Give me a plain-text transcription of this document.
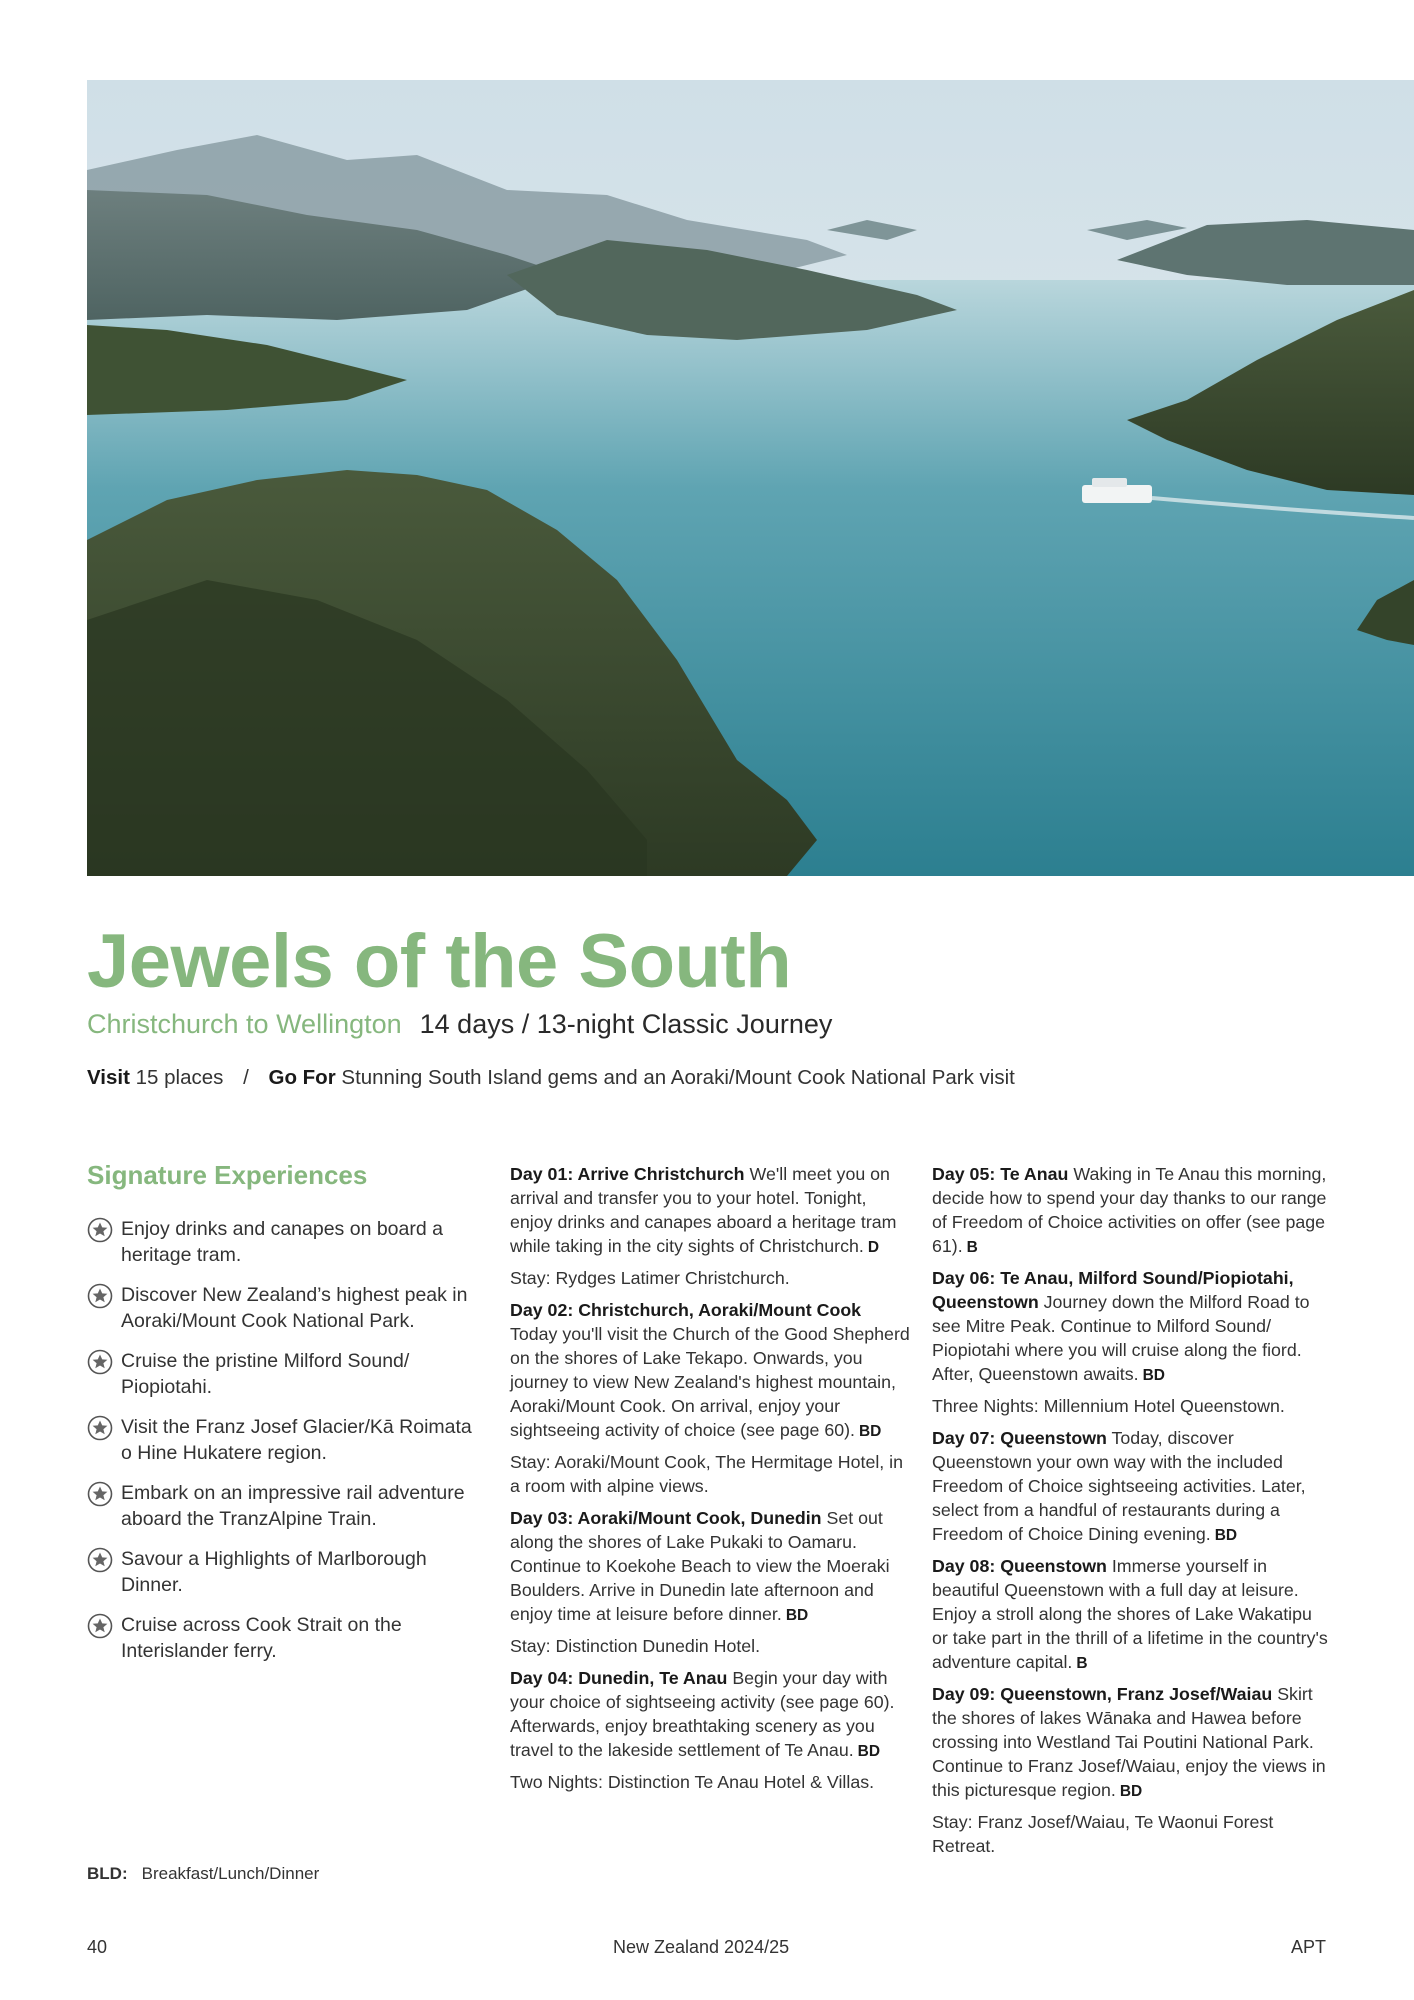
Jewels of the South
Christchurch to Wellington 14 days / 13-night Classic Journey
Visit 15 places / Go For Stunning South Island gems and an Aoraki/Mount Cook National Park visit
Signature Experiences
Enjoy drinks and canapes on board a heritage tram.
Discover New Zealand’s highest peak in Aoraki/Mount Cook National Park.
Cruise the pristine Milford Sound/ Piopiotahi.
Visit the Franz Josef Glacier/Kā Roimata o Hine Hukatere region.
Embark on an impressive rail adventure aboard the TranzAlpine Train.
Savour a Highlights of Marlborough Dinner.
Cruise across Cook Strait on the Interislander ferry.
BLD: Breakfast/Lunch/Dinner

Day 01: Arrive Christchurch We'll meet you on arrival and transfer you to your hotel. Tonight, enjoy drinks and canapes aboard a heritage tram while taking in the city sights of Christchurch. D

Stay: Rydges Latimer Christchurch.

Day 02: Christchurch, Aoraki/Mount Cook Today you'll visit the Church of the Good Shepherd on the shores of Lake Tekapo. Onwards, you journey to view New Zealand's highest mountain, Aoraki/Mount Cook. On arrival, enjoy your sightseeing activity of choice (see page 60). BD

Stay: Aoraki/Mount Cook, The Hermitage Hotel, in a room with alpine views.

Day 03: Aoraki/Mount Cook, Dunedin Set out along the shores of Lake Pukaki to Oamaru. Continue to Koekohe Beach to view the Moeraki Boulders. Arrive in Dunedin late afternoon and enjoy time at leisure before dinner. BD

Stay: Distinction Dunedin Hotel.

Day 04: Dunedin, Te Anau Begin your day with your choice of sightseeing activity (see page 60). Afterwards, enjoy breathtaking scenery as you travel to the lakeside settlement of Te Anau. BD

Two Nights: Distinction Te Anau Hotel & Villas.

Day 05: Te Anau Waking in Te Anau this morning, decide how to spend your day thanks to our range of Freedom of Choice activities on offer (see page 61). B

Day 06: Te Anau, Milford Sound/Piopiotahi, Queenstown Journey down the Milford Road to see Mitre Peak. Continue to Milford Sound/ Piopiotahi where you will cruise along the fiord. After, Queenstown awaits. BD

Three Nights: Millennium Hotel Queenstown.

Day 07: Queenstown Today, discover Queenstown your own way with the included Freedom of Choice sightseeing activities. Later, select from a handful of restaurants during a Freedom of Choice Dining evening. BD

Day 08: Queenstown Immerse yourself in beautiful Queenstown with a full day at leisure. Enjoy a stroll along the shores of Lake Wakatipu or take part in the thrill of a lifetime in the country's adventure capital. B

Day 09: Queenstown, Franz Josef/Waiau Skirt the shores of lakes Wānaka and Hawea before crossing into Westland Tai Poutini National Park. Continue to Franz Josef/Waiau, enjoy the views in this picturesque region. BD

Stay: Franz Josef/Waiau, Te Waonui Forest Retreat.

40	New Zealand 2024/25	APT
